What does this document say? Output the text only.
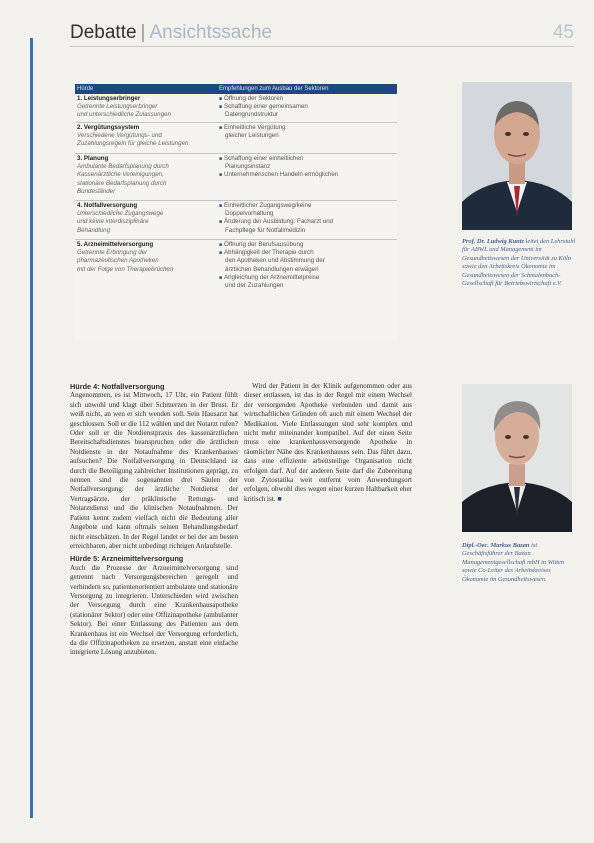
Debatte | Ansichtssache	45
Hürde	Empfehlungen zum Ausbau der Sektoren
1. Leistungserbringer
Getrennte Leistungserbringer
und unterschiedliche Zulassungen
■ Öffnung der Sektoren
■ Schaffung einer gemeinsamen
Datengrundstruktur
2. Vergütungssystem
Verschiedene Vergütungs- und
Zuzahlungsregeln für gleiche Leistungen
■ Einheitliche Vergütung
gleicher Leistungen
3. Planung
Ambulante Bedarfsplanung durch
Kassenärztliche Vereinigungen,
stationäre Bedarfsplanung durch
Bundesländer
■ Schaffung einer einheitlichen
Planungsinstanz
■ Unternehmerischen Handeln ermöglichen
4. Notfallversorgung
Unterschiedliche Zugangswege
und keine interdisziplinäre
Behandlung
■ Einheitlicher Zugangsweg/keine
Doppelvorhaltung
■ Änderung der Ausbildung: Facharzt und
Fachpflege für Notfallmedizin
5. Arzneimittelversorgung
Getrennte Erbringung der
pharmazeutischen Apotheken
mit der Folge von Therapiebrüchen
■ Öffnung der Berufsausübung
■ Abhängigkeit der Therapie durch
den Apotheken und Abstimmung der
ärztlichen Behandlungen erwägen
■ Angleichung der Arzneimittelpreise
und der Zuzahlungen
Prof. Dr. Ludwig Kuntz leitet den Lehrstuhl für ABWL und Management im Gesundheitswesen der Universität zu Köln sowie den Arbeitskreis Ökonomie im Gesundheitswesen der Schmalenbach-Gesellschaft für Betriebswirtschaft e.V.
Dipl.-Oec. Markus Bazan ist Geschäftsführer der Bazan Managementgesellschaft mbH in Witten sowie Co-Leiter des Arbeitskreises Ökonomie im Gesundheitswesen.
Hürde 4: Notfallversorgung

Angenommen, es ist Mittwoch, 17 Uhr, ein Patient fühlt sich unwohl und klagt über Schmerzen in der Brust. Er weiß nicht, an wen er sich wenden soll. Sein Hausarzt hat geschlossen. Soll er die 112 wählen und der Notarzt rufen? Oder soll er die Notdienstpraxis des kassenärztlichen Bereitschaftsdienstes beanspruchen oder die ärztlichen Notdienste in der Notaufnahme des Krankenhauses aufsuchen? Die Notfallversorgung in Deutschland ist durch die Beteiligung zahlreicher Institutionen geprägt, zu nennen sind die sogenannten drei Säulen der Notfallversorgung: der ärztliche Notdienst der Vertragsärzte, der präklinische Rettungs- und Notarztdienst und die klinischen Notaufnahmen. Der Patient kennt zudem vielfach nicht die Bedeutung aller Angebote und kann oftmals seinen Behandlungsbedarf nicht einschätzen. In der Regel landet er bei der am besten erreichbaren, aber nicht unbedingt richtigen Anlaufstelle.

Hürde 5: Arzneimittelversorgung

Auch die Prozesse der Arzneimittelversorgung sind getrennt nach Versorgungsbereichen geregelt und verhindern so, patientenorientiert ambulante und stationäre Versorgung zu integrieren. Unterschieden wird zwischen der Versorgung durch eine Krankenhausapotheke (stationärer Sektor) oder eine Offizinapotheke (ambulanter Sektor). Bei einer Entlassung des Patienten aus dem Krankenhaus ist ein Wechsel der Versorgung erforderlich, da die Offizinapotheken zu ersetzen, anstatt eine einfache integrierte Lösung anzubieten.

Wird der Patient in der Klinik aufgenommen oder aus dieser entlassen, ist das in der Regel mit einem Wechsel der versorgenden Apotheke verbunden und damit aus wirtschaftlichen Gründen oft auch mit einem Wechsel der Medikation. Viele Entlassungen sind sehr komplex und nicht mehr miteinander kompatibel. Auf der einen Seite muss eine krankenhausversorgende Apotheke in räumlicher Nähe des Krankenhauses sein. Das führt dazu, dass eine effiziente arbeitsteilige Organisation nicht erfolgen darf. Auf der anderen Seite darf die Zubereitung von Zytostatika weit entfernt vom Anwendungsort erfolgen, obwohl dies wegen einer kurzen Haltbarkeit eher kritisch ist. ■
